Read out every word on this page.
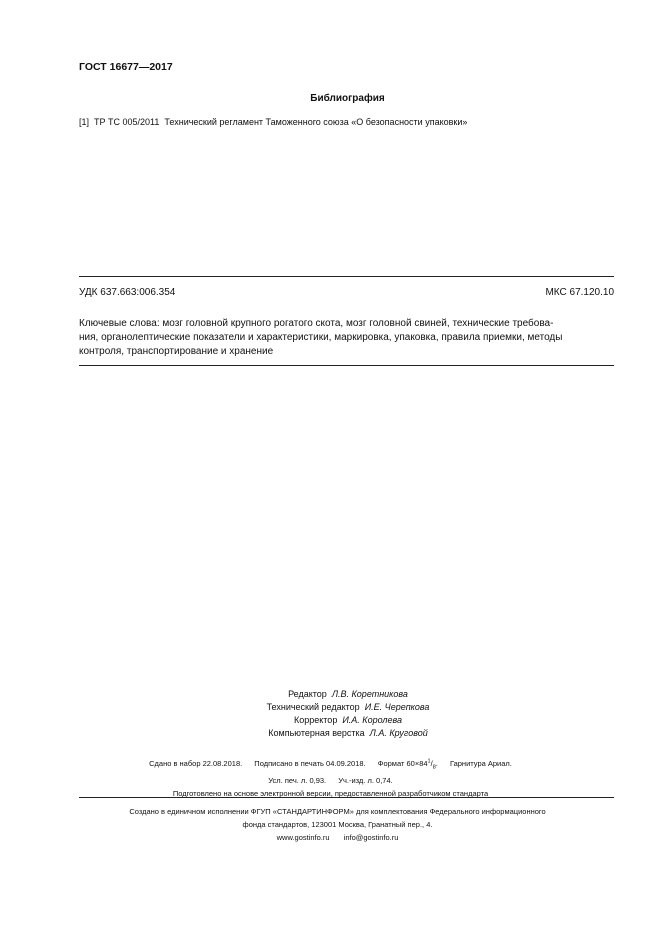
ГОСТ 16677—2017
Библиография
[1] ТР ТС 005/2011 Технический регламент Таможенного союза «О безопасности упаковки»
УДК 637.663:006.354	МКС 67.120.10
Ключевые слова: мозг головной крупного рогатого скота, мозг головной свиней, технические требова-
ния, органолептические показатели и характеристики, маркировка, упаковка, правила приемки, методы
контроля, транспортирование и хранение
Редактор Л.В. Коретникова
Технический редактор И.Е. Черепкова
Корректор И.А. Королева
Компьютерная верстка Л.А. Круговой
Сдано в набор 22.08.2018. Подписано в печать 04.09.2018. Формат $60\times 84^1/_8$. Гарнитура Ариал.
Усл. печ. л. 0,93. Уч.-изд. л. 0,74.
Подготовлено на основе электронной версии, предоставленной разработчиком стандарта
Создано в единичном исполнении ФГУП «СТАНДАРТИНФОРМ» для комплектования Федерального информационного
фонда стандартов, 123001 Москва, Гранатный пер., 4.
www.gostinfo.ru info@gostinfo.ru
